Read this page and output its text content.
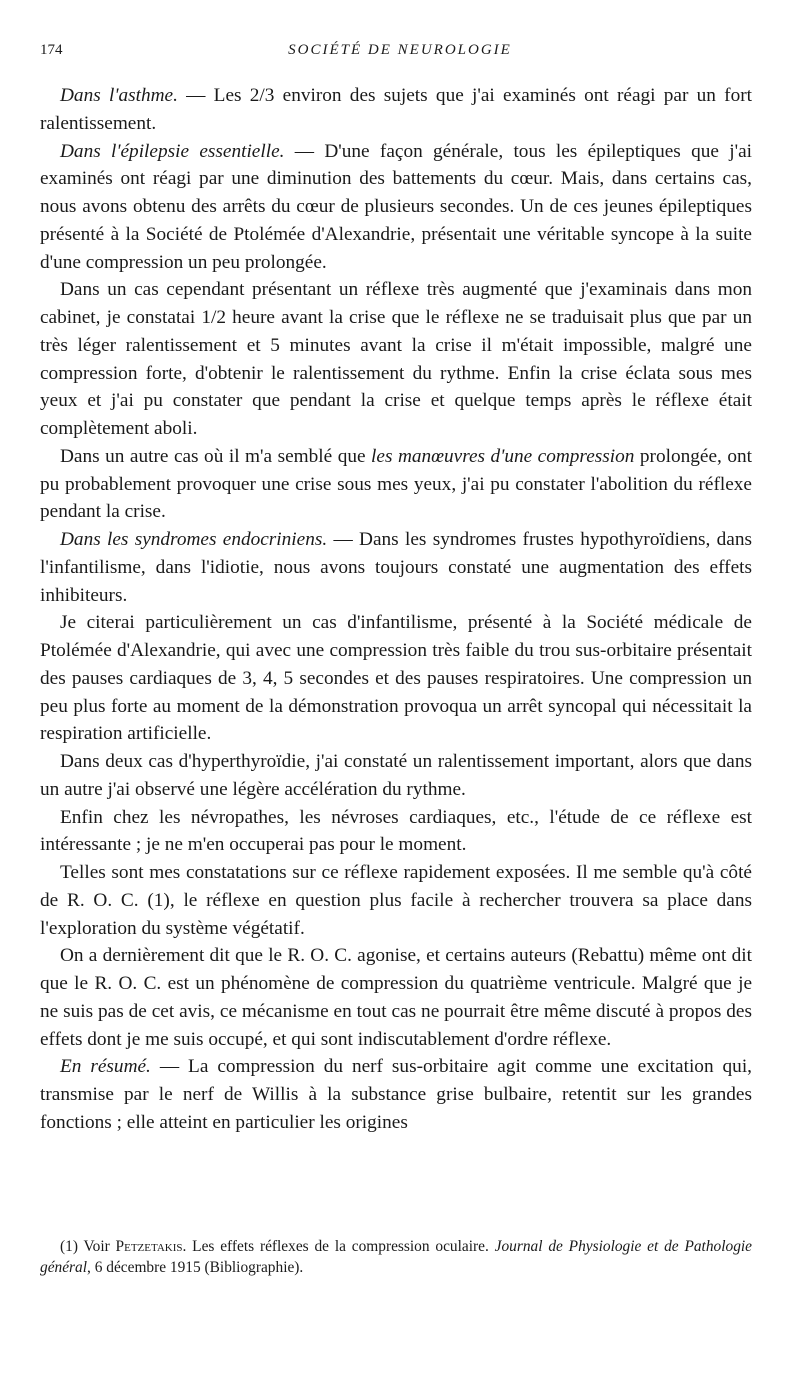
174	SOCIÉTÉ DE NEUROLOGIE

Dans l'asthme. — Les 2/3 environ des sujets que j'ai examinés ont réagi par un fort ralentissement.

Dans l'épilepsie essentielle. — D'une façon générale, tous les épileptiques que j'ai examinés ont réagi par une diminution des battements du cœur. Mais, dans certains cas, nous avons obtenu des arrêts du cœur de plusieurs secondes. Un de ces jeunes épileptiques présenté à la Société de Ptolémée d'Alexandrie, présentait une véritable syncope à la suite d'une compression un peu prolongée.

Dans un cas cependant présentant un réflexe très augmenté que j'examinais dans mon cabinet, je constatai 1/2 heure avant la crise que le réflexe ne se traduisait plus que par un très léger ralentissement et 5 minutes avant la crise il m'était impossible, malgré une compression forte, d'obtenir le ralentissement du rythme. Enfin la crise éclata sous mes yeux et j'ai pu constater que pendant la crise et quelque temps après le réflexe était complètement aboli.

Dans un autre cas où il m'a semblé que les manœuvres d'une compression prolongée, ont pu probablement provoquer une crise sous mes yeux, j'ai pu constater l'abolition du réflexe pendant la crise.

Dans les syndromes endocriniens. — Dans les syndromes frustes hypothyroïdiens, dans l'infantilisme, dans l'idiotie, nous avons toujours constaté une augmentation des effets inhibiteurs.

Je citerai particulièrement un cas d'infantilisme, présenté à la Société médicale de Ptolémée d'Alexandrie, qui avec une compression très faible du trou sus-orbitaire présentait des pauses cardiaques de 3, 4, 5 secondes et des pauses respiratoires. Une compression un peu plus forte au moment de la démonstration provoqua un arrêt syncopal qui nécessitait la respiration artificielle.

Dans deux cas d'hyperthyroïdie, j'ai constaté un ralentissement important, alors que dans un autre j'ai observé une légère accélération du rythme.

Enfin chez les névropathes, les névroses cardiaques, etc., l'étude de ce réflexe est intéressante ; je ne m'en occuperai pas pour le moment.

Telles sont mes constatations sur ce réflexe rapidement exposées. Il me semble qu'à côté de R. O. C. (1), le réflexe en question plus facile à rechercher trouvera sa place dans l'exploration du système végétatif.

On a dernièrement dit que le R. O. C. agonise, et certains auteurs (Rebattu) même ont dit que le R. O. C. est un phénomène de compression du quatrième ventricule. Malgré que je ne suis pas de cet avis, ce mécanisme en tout cas ne pourrait être même discuté à propos des effets dont je me suis occupé, et qui sont indiscutablement d'ordre réflexe.

En résumé. — La compression du nerf sus-orbitaire agit comme une excitation qui, transmise par le nerf de Willis à la substance grise bulbaire, retentit sur les grandes fonctions ; elle atteint en particulier les origines

(1) Voir Petzetakis. Les effets réflexes de la compression oculaire. Journal de Physiologie et de Pathologie général, 6 décembre 1915 (Bibliographie).
